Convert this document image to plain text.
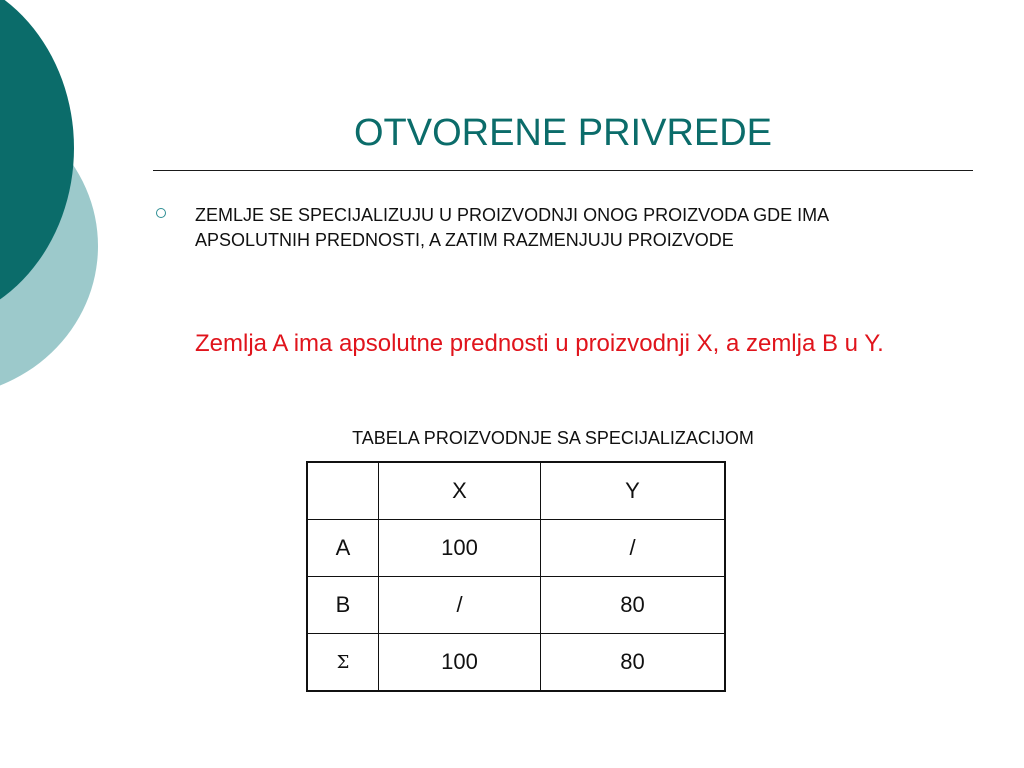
OTVORENE PRIVREDE
ZEMLJE SE SPECIJALIZUJU U PROIZVODNJI ONOG PROIZVODA GDE IMA APSOLUTNIH PREDNOSTI, A ZATIM RAZMENJUJU PROIZVODE
Zemlja A ima apsolutne prednosti u proizvodnji X, a zemlja B u Y.
TABELA PROIZVODNJE SA SPECIJALIZACIJOM
	X	Y
A	100	/
B	/	80
Σ	100	80
